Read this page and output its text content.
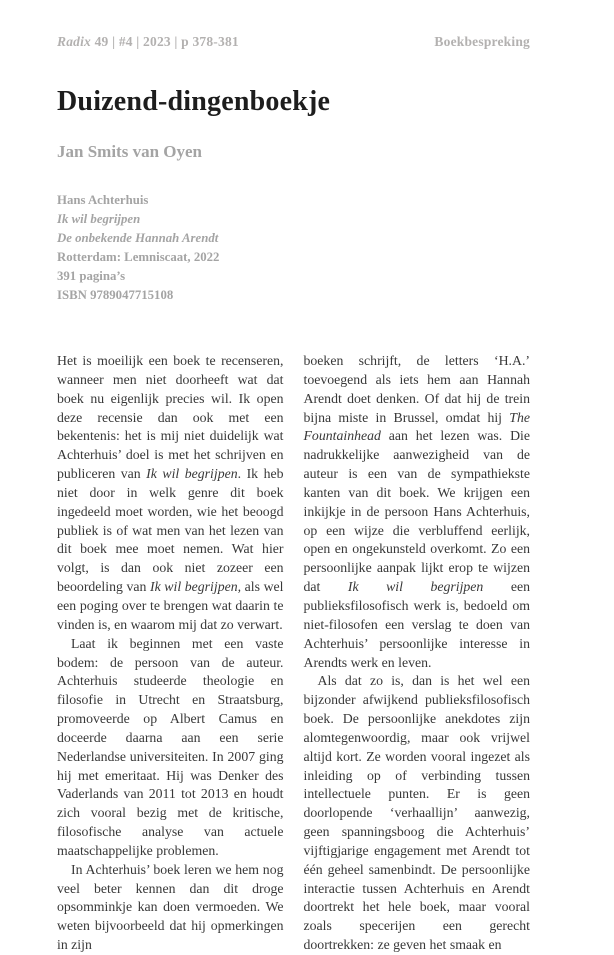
Radix 49 | #4 | 2023 | p 378-381	Boekbespreking
Duizend-dingenboekje
Jan Smits van Oyen
Hans Achterhuis
Ik wil begrijpen
De onbekende Hannah Arendt
Rotterdam: Lemniscaat, 2022
391 pagina’s
ISBN 9789047715108

Het is moeilijk een boek te recenseren, wanneer men niet doorheeft wat dat boek nu eigenlijk precies wil. Ik open deze recensie dan ook met een bekentenis: het is mij niet duidelijk wat Achterhuis’ doel is met het schrijven en publiceren van Ik wil begrijpen. Ik heb niet door in welk genre dit boek ingedeeld moet worden, wie het beoogd publiek is of wat men van het lezen van dit boek mee moet nemen. Wat hier volgt, is dan ook niet zozeer een beoordeling van Ik wil begrijpen, als wel een poging over te brengen wat daarin te vinden is, en waarom mij dat zo verwart.

Laat ik beginnen met een vaste bodem: de persoon van de auteur. Achterhuis studeerde theologie en filosofie in Utrecht en Straatsburg, promoveerde op Albert Camus en doceerde daarna aan een serie Nederlandse universiteiten. In 2007 ging hij met emeritaat. Hij was Denker des Vaderlands van 2011 tot 2013 en houdt zich vooral bezig met de kritische, filosofische analyse van actuele maatschappelijke problemen.

In Achterhuis’ boek leren we hem nog veel beter kennen dan dit droge opsomminkje kan doen vermoeden. We weten bijvoorbeeld dat hij opmerkingen in zijn

boeken schrijft, de letters ‘H.A.’ toevoegend als iets hem aan Hannah Arendt doet denken. Of dat hij de trein bijna miste in Brussel, omdat hij The Fountainhead aan het lezen was. Die nadrukkelijke aanwezigheid van de auteur is een van de sympathiekste kanten van dit boek. We krijgen een inkijkje in de persoon Hans Achterhuis, op een wijze die verbluffend eerlijk, open en ongekunsteld overkomt. Zo een persoonlijke aanpak lijkt erop te wijzen dat Ik wil begrijpen een publieksfilosofisch werk is, bedoeld om niet-filosofen een verslag te doen van Achterhuis’ persoonlijke interesse in Arendts werk en leven.

Als dat zo is, dan is het wel een bijzonder afwijkend publieksfilosofisch boek. De persoonlijke anekdotes zijn alomtegenwoordig, maar ook vrijwel altijd kort. Ze worden vooral ingezet als inleiding op of verbinding tussen intellectuele punten. Er is geen doorlopende ‘verhaallijn’ aanwezig, geen spanningsboog die Achterhuis’ vijftigjarige engagement met Arendt tot één geheel samenbindt. De persoonlijke interactie tussen Achterhuis en Arendt doortrekt het hele boek, maar vooral zoals specerijen een gerecht doortrekken: ze geven het smaak en
